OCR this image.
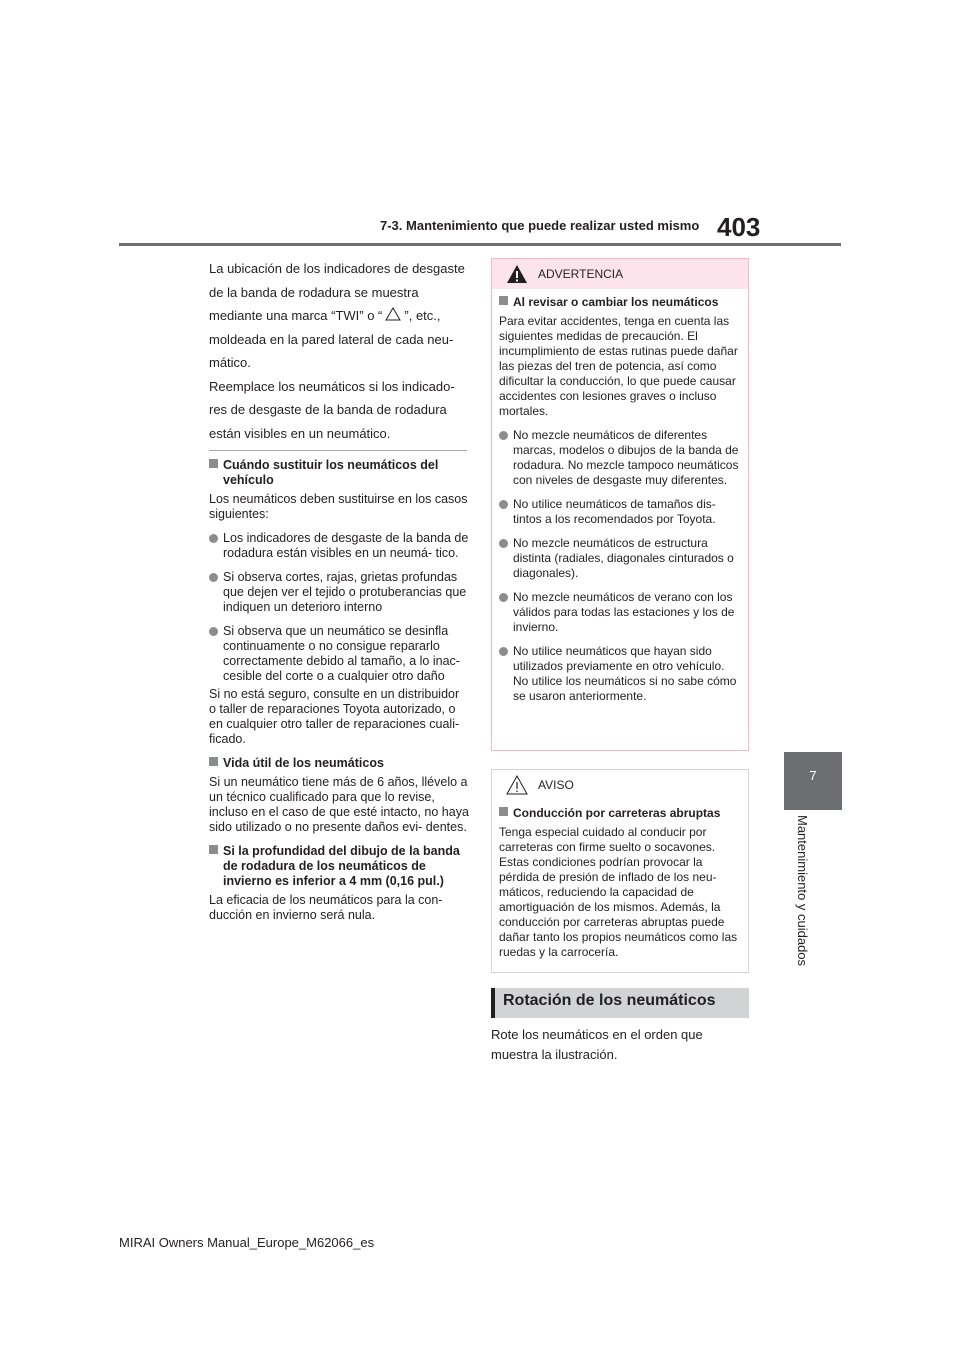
7-3. Mantenimiento que puede realizar usted mismo 403
7
Mantenimiento y cuidados

La ubicación de los indicadores de desgaste

de la banda de rodadura se muestra

mediante una marca “TWI” o “ ”, etc.,

moldeada en la pared lateral de cada neu-

mático.

Reemplace los neumáticos si los indicado-

res de desgaste de la banda de rodadura

están visibles en un neumático.

Cuándo sustituir los neumáticos del vehículo

Los neumáticos deben sustituirse en los casos siguientes:

Los indicadores de desgaste de la banda de rodadura están visibles en un neumá- tico.
Si observa cortes, rajas, grietas profundas que dejen ver el tejido o protuberancias que indiquen un deterioro interno
Si observa que un neumático se desinfla continuamente o no consigue repararlo correctamente debido al tamaño, a lo inac- cesible del corte o a cualquier otro daño

Si no está seguro, consulte en un distribuidor o taller de reparaciones Toyota autorizado, o en cualquier otro taller de reparaciones cuali- ficado.

Vida útil de los neumáticos

Si un neumático tiene más de 6 años, llévelo a un técnico cualificado para que lo revise, incluso en el caso de que esté intacto, no haya sido utilizado o no presente daños evi- dentes.

Si la profundidad del dibujo de la banda de rodadura de los neumáticos de invierno es inferior a 4 mm (0,16 pul.)

La eficacia de los neumáticos para la con- ducción en invierno será nula.

ADVERTENCIA

Al revisar o cambiar los neumáticos

Para evitar accidentes, tenga en cuenta las siguientes medidas de precaución. El incumplimiento de estas rutinas puede dañar las piezas del tren de potencia, así como dificultar la conducción, lo que puede causar accidentes con lesiones graves o incluso mortales.

No mezcle neumáticos de diferentes marcas, modelos o dibujos de la banda de rodadura. No mezcle tampoco neumáticos con niveles de desgaste muy diferentes.
No utilice neumáticos de tamaños dis- tintos a los recomendados por Toyota.
No mezcle neumáticos de estructura distinta (radiales, diagonales cinturados o diagonales).
No mezcle neumáticos de verano con los válidos para todas las estaciones y los de invierno.
No utilice neumáticos que hayan sido utilizados previamente en otro vehículo. No utilice los neumáticos si no sabe cómo se usaron anteriormente.
AVISO

Conducción por carreteras abruptas

Tenga especial cuidado al conducir por carreteras con firme suelto o socavones. Estas condiciones podrían provocar la pérdida de presión de inflado de los neu- máticos, reduciendo la capacidad de amortiguación de los mismos. Además, la conducción por carreteras abruptas puede dañar tanto los propios neumáticos como las ruedas y la carrocería.

Rotación de los neumáticos

Rote los neumáticos en el orden que

muestra la ilustración.

MIRAI Owners Manual_Europe_M62066_es
